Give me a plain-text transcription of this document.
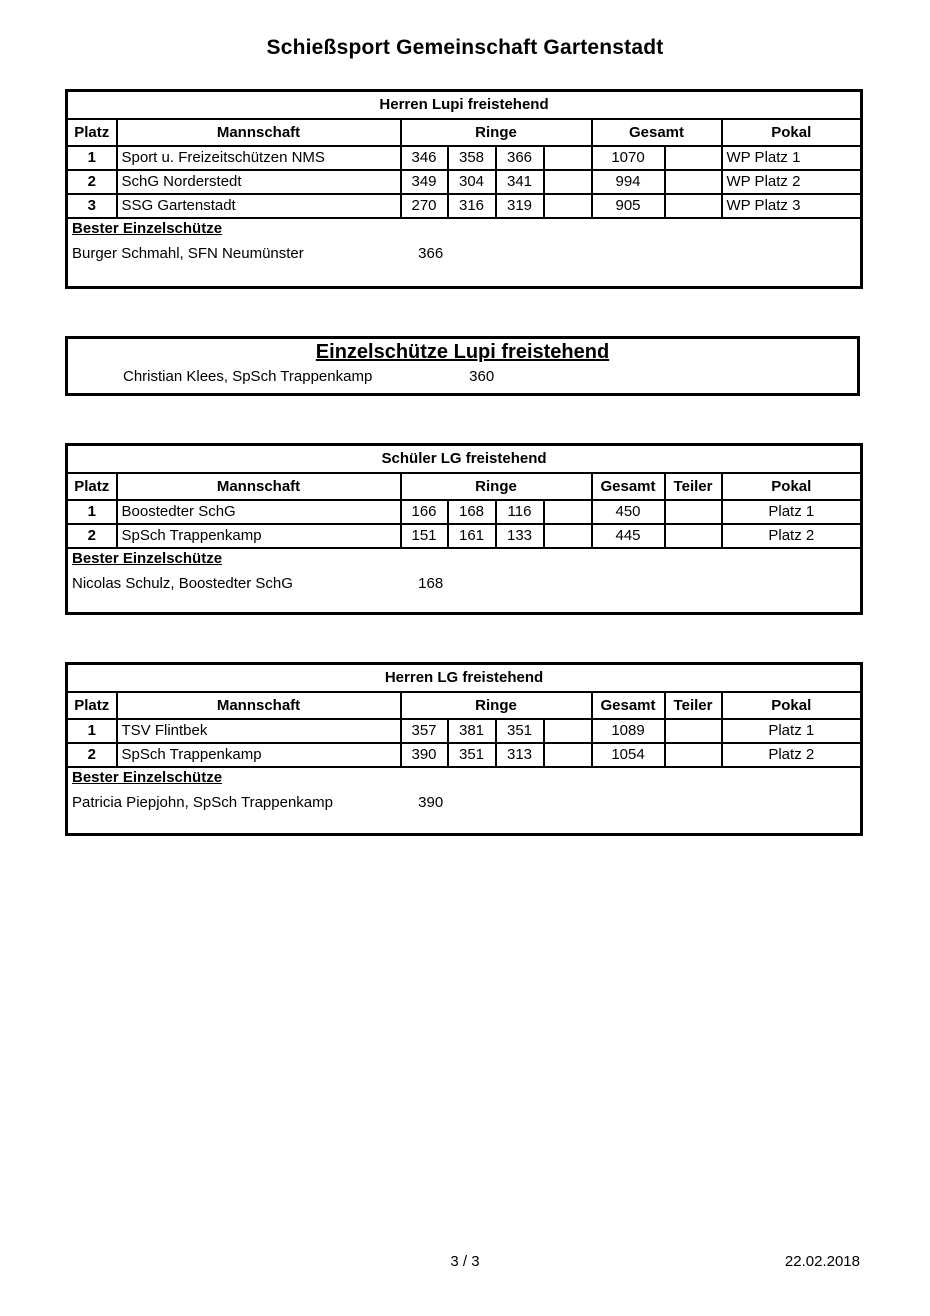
Schießsport Gemeinschaft Gartenstadt
Herren Lupi freistehend								
Platz	Mannschaft	Ringe				Gesamt		Pokal
1	Sport u. Freizeitschützen NMS	346	358	366		1070		WP Platz 1
2	SchG Norderstedt	349	304	341		994		WP Platz 2
3	SSG Gartenstadt	270	316	319		905		WP Platz 3

Bester Einzelschütze
Burger Schmahl, SFN Neumünster 366								
Einzelschütze Lupi freistehend
Christian Klees, SpSch Trappenkamp	360
Schüler LG freistehend								
Platz	Mannschaft	Ringe				Gesamt	Teiler	Pokal
1	Boostedter SchG	166	168	116		450		Platz 1
2	SpSch Trappenkamp	151	161	133		445		Platz 2

Bester Einzelschütze
Nicolas Schulz, Boostedter SchG 168								
Herren LG freistehend								
Platz	Mannschaft	Ringe				Gesamt	Teiler	Pokal
1	TSV Flintbek	357	381	351		1089		Platz 1
2	SpSch Trappenkamp	390	351	313		1054		Platz 2

Bester Einzelschütze
Patricia Piepjohn, SpSch Trappenkamp 390								
3 / 3	22.02.2018
